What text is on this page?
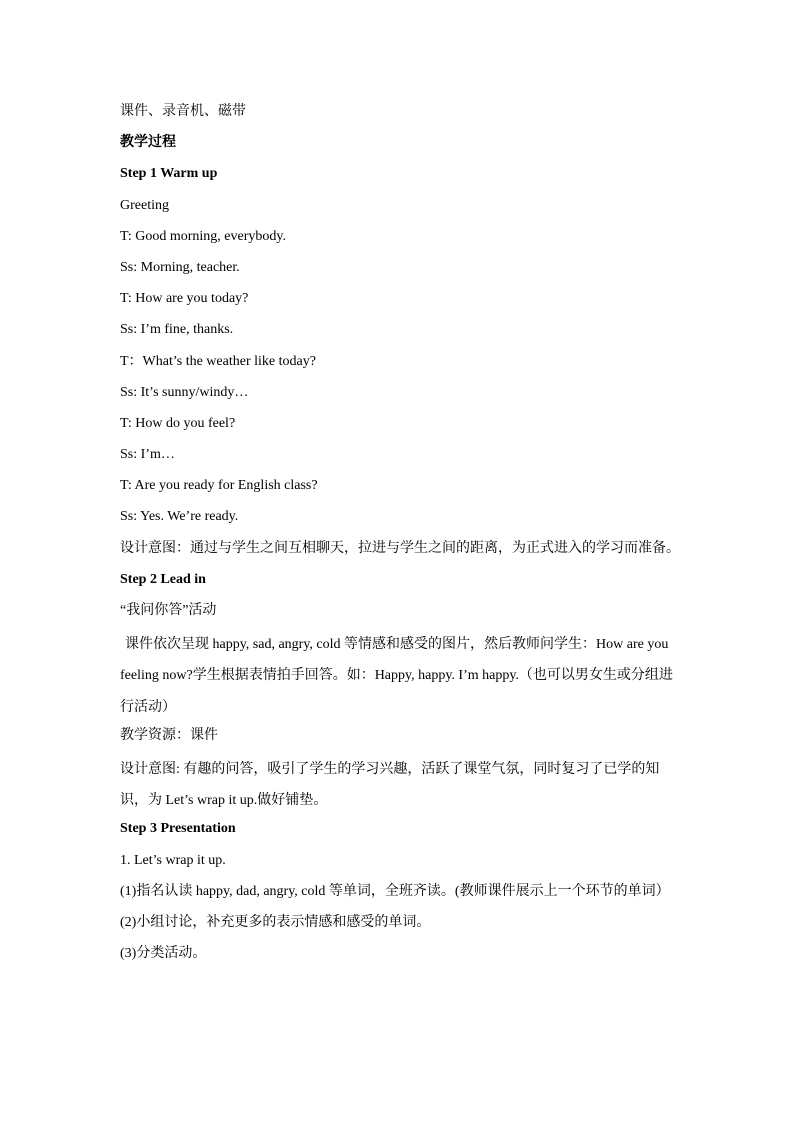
课件、录音机、磁带
教学过程
Step 1 Warm up
Greeting
T: Good morning, everybody.
Ss: Morning, teacher.
T: How are you today?
Ss: I’m fine, thanks.
T：What’s the weather like today?
Ss: It’s sunny/windy…
T: How do you feel?
Ss: I’m…
T: Are you ready for English class?
Ss: Yes. We’re ready.
设计意图：通过与学生之间互相聊天，拉进与学生之间的距离，为正式进入的学习而准备。
Step 2 Lead in
“我问你答”活动
课件依次呈现 happy, sad, angry, cold 等情感和感受的图片，然后教师问学生：How are you feeling now?学生根据表情拍手回答。如：Happy, happy. I’m happy.（也可以男女生或分组进行活动）
教学资源：课件
设计意图: 有趣的问答，吸引了学生的学习兴趣，活跃了课堂气氛，同时复习了已学的知识，为 Let’s wrap it up.做好铺垫。
Step 3 Presentation
1. Let’s wrap it up.
(1)指名认读 happy, dad, angry, cold 等单词，全班齐读。(教师课件展示上一个环节的单词）
(2)小组讨论，补充更多的表示情感和感受的单词。
(3)分类活动。
